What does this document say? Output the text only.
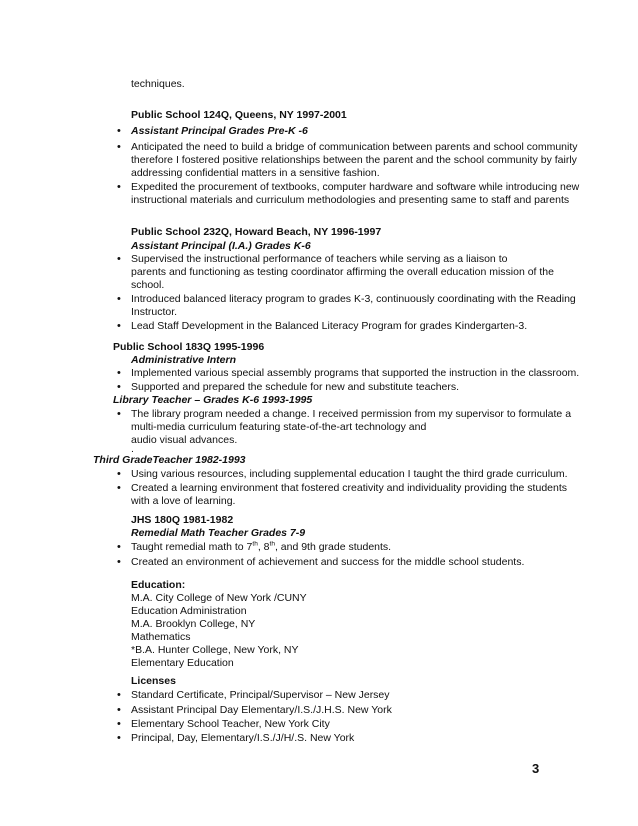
techniques.
Public School 124Q, Queens, NY 1997-2001
• Assistant Principal Grades Pre-K -6
• Anticipated the need to build a bridge of communication between parents and school community
therefore I fostered positive relationships between the parent and the school community by fairly
addressing confidential matters in a sensitive fashion.
• Expedited the procurement of textbooks, computer hardware and software while introducing new
instructional materials and curriculum methodologies and presenting same to staff and parents
Public School 232Q, Howard Beach, NY 1996-1997
Assistant Principal (I.A.) Grades K-6
• Supervised the instructional performance of teachers while serving as a liaison to
parents and functioning as testing coordinator affirming the overall education mission of the
school.
• Introduced balanced literacy program to grades K-3, continuously coordinating with the Reading
Instructor.
• Lead Staff Development in the Balanced Literacy Program for grades Kindergarten-3.
Public School 183Q 1995-1996
Administrative Intern
• Implemented various special assembly programs that supported the instruction in the classroom.
• Supported and prepared the schedule for new and substitute teachers.
Library Teacher – Grades K-6 1993-1995
• The library program needed a change. I received permission from my supervisor to formulate a
multi-media curriculum featuring state-of-the-art technology and
audio visual advances.
.
Third GradeTeacher 1982-1993
• Using various resources, including supplemental education I taught the third grade curriculum.
• Created a learning environment that fostered creativity and individuality providing the students
with a love of learning.
JHS 180Q 1981-1982
Remedial Math Teacher Grades 7-9
• Taught remedial math to 7th, 8th, and 9th grade students.
• Created an environment of achievement and success for the middle school students.
Education:
M.A. City College of New York /CUNY
Education Administration
M.A. Brooklyn College, NY
Mathematics
*B.A. Hunter College, New York, NY
Elementary Education
Licenses
• Standard Certificate, Principal/Supervisor – New Jersey
• Assistant Principal Day Elementary/I.S./J.H.S. New York
• Elementary School Teacher, New York City
• Principal, Day, Elementary/I.S./J/H/.S. New York
3
